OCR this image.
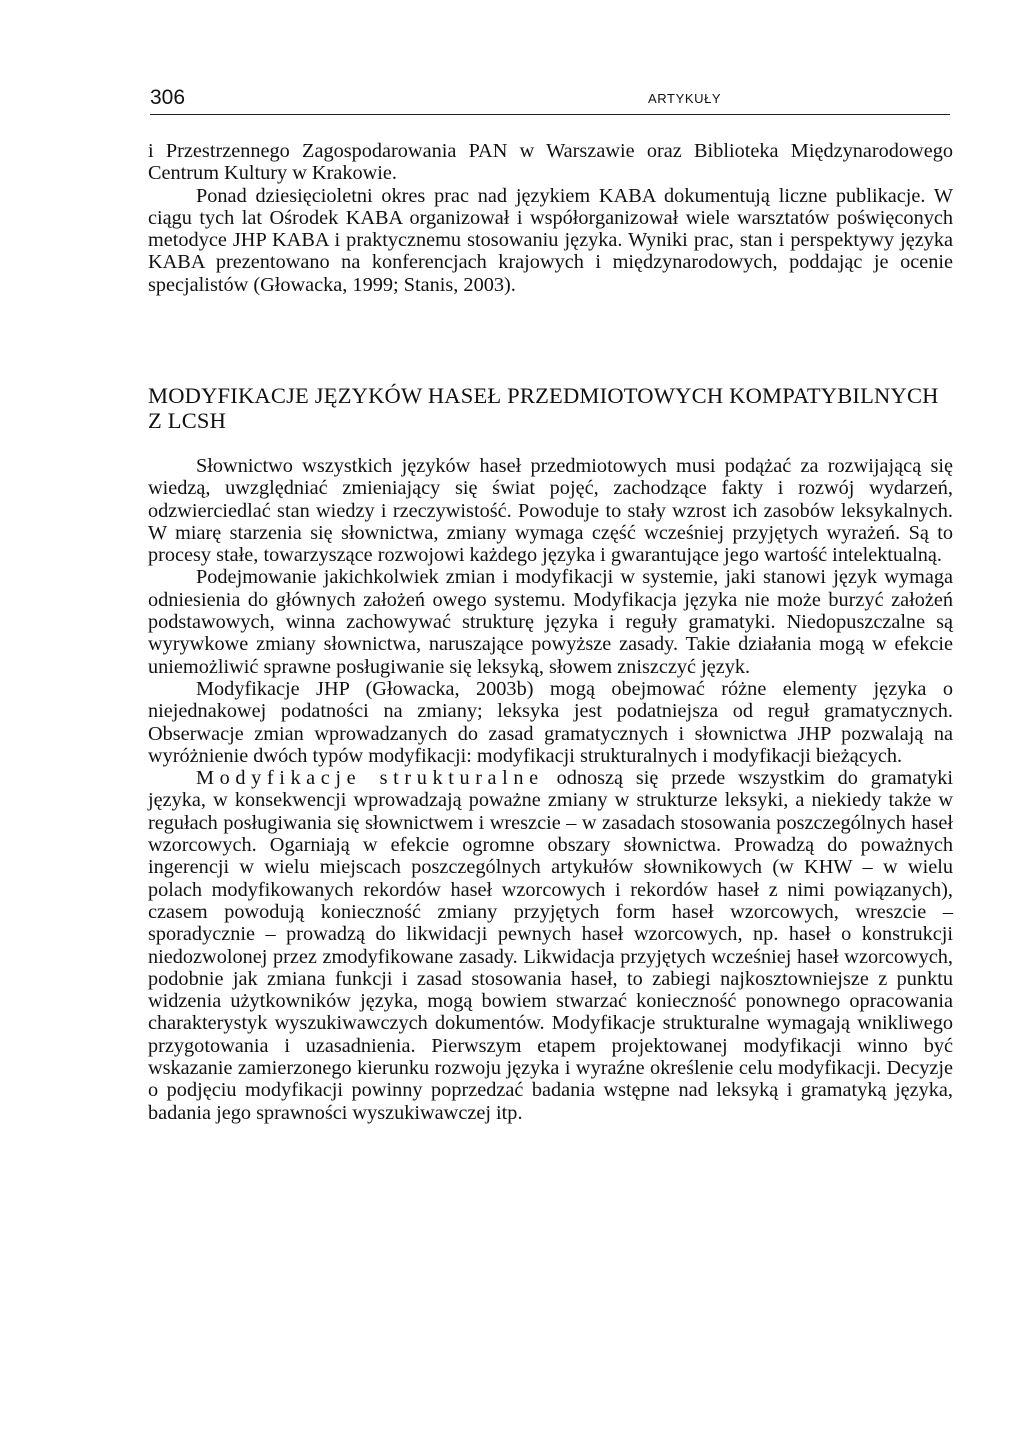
306	ARTYKUŁY

i Przestrzennego Zagospodarowania PAN w Warszawie oraz Biblioteka Międzynarodowego Centrum Kultury w Krakowie.

Ponad dziesięcioletni okres prac nad językiem KABA dokumentują liczne publikacje. W ciągu tych lat Ośrodek KABA organizował i współorganizował wiele warsztatów poświęconych metodyce JHP KABA i praktycznemu stosowaniu języka. Wyniki prac, stan i perspektywy języka KABA prezentowano na konferencjach krajowych i międzynarodowych, poddając je ocenie specjalistów (Głowacka, 1999; Stanis, 2003).

MODYFIKACJE JĘZYKÓW HASEŁ PRZEDMIOTOWYCH KOMPATYBILNYCH Z LCSH

Słownictwo wszystkich języków haseł przedmiotowych musi podążać za rozwijającą się wiedzą, uwzględniać zmieniający się świat pojęć, zachodzące fakty i rozwój wydarzeń, odzwierciedlać stan wiedzy i rzeczywistość. Powoduje to stały wzrost ich zasobów leksykalnych. W miarę starzenia się słownictwa, zmiany wymaga część wcześniej przyjętych wyrażeń. Są to procesy stałe, towarzyszące rozwojowi każdego języka i gwarantujące jego wartość intelektualną.

Podejmowanie jakichkolwiek zmian i modyfikacji w systemie, jaki stanowi język wymaga odniesienia do głównych założeń owego systemu. Modyfikacja języka nie może burzyć założeń podstawowych, winna zachowywać strukturę języka i reguły gramatyki. Niedopuszczalne są wyrywkowe zmiany słownictwa, naruszające powyższe zasady. Takie działania mogą w efekcie uniemożliwić sprawne posługiwanie się leksyką, słowem zniszczyć język.

Modyfikacje JHP (Głowacka, 2003b) mogą obejmować różne elementy języka o niejednakowej podatności na zmiany; leksyka jest podatniejsza od reguł gramatycznych. Obserwacje zmian wprowadzanych do zasad gramatycznych i słownictwa JHP pozwalają na wyróżnienie dwóch typów modyfikacji: modyfikacji strukturalnych i modyfikacji bieżących.

Modyfikacje strukturalne odnoszą się przede wszystkim do gramatyki języka, w konsekwencji wprowadzają poważne zmiany w strukturze leksyki, a niekiedy także w regułach posługiwania się słownictwem i wreszcie – w zasadach stosowania poszczególnych haseł wzorcowych. Ogarniają w efekcie ogromne obszary słownictwa. Prowadzą do poważnych ingerencji w wielu miejscach poszczególnych artykułów słownikowych (w KHW – w wielu polach modyfikowanych rekordów haseł wzorcowych i rekordów haseł z nimi powiązanych), czasem powodują konieczność zmiany przyjętych form haseł wzorcowych, wreszcie – sporadycznie – prowadzą do likwidacji pewnych haseł wzorcowych, np. haseł o konstrukcji niedozwolonej przez zmodyfikowane zasady. Likwidacja przyjętych wcześniej haseł wzorcowych, podobnie jak zmiana funkcji i zasad stosowania haseł, to zabiegi najkosztowniejsze z punktu widzenia użytkowników języka, mogą bowiem stwarzać konieczność ponownego opracowania charakterystyk wyszukiwawczych dokumentów. Modyfikacje strukturalne wymagają wnikliwego przygotowania i uzasadnienia. Pierwszym etapem projektowanej modyfikacji winno być wskazanie zamierzonego kierunku rozwoju języka i wyraźne określenie celu modyfikacji. Decyzje o podjęciu modyfikacji powinny poprzedzać badania wstępne nad leksyką i gramatyką języka, badania jego sprawności wyszukiwawczej itp.
